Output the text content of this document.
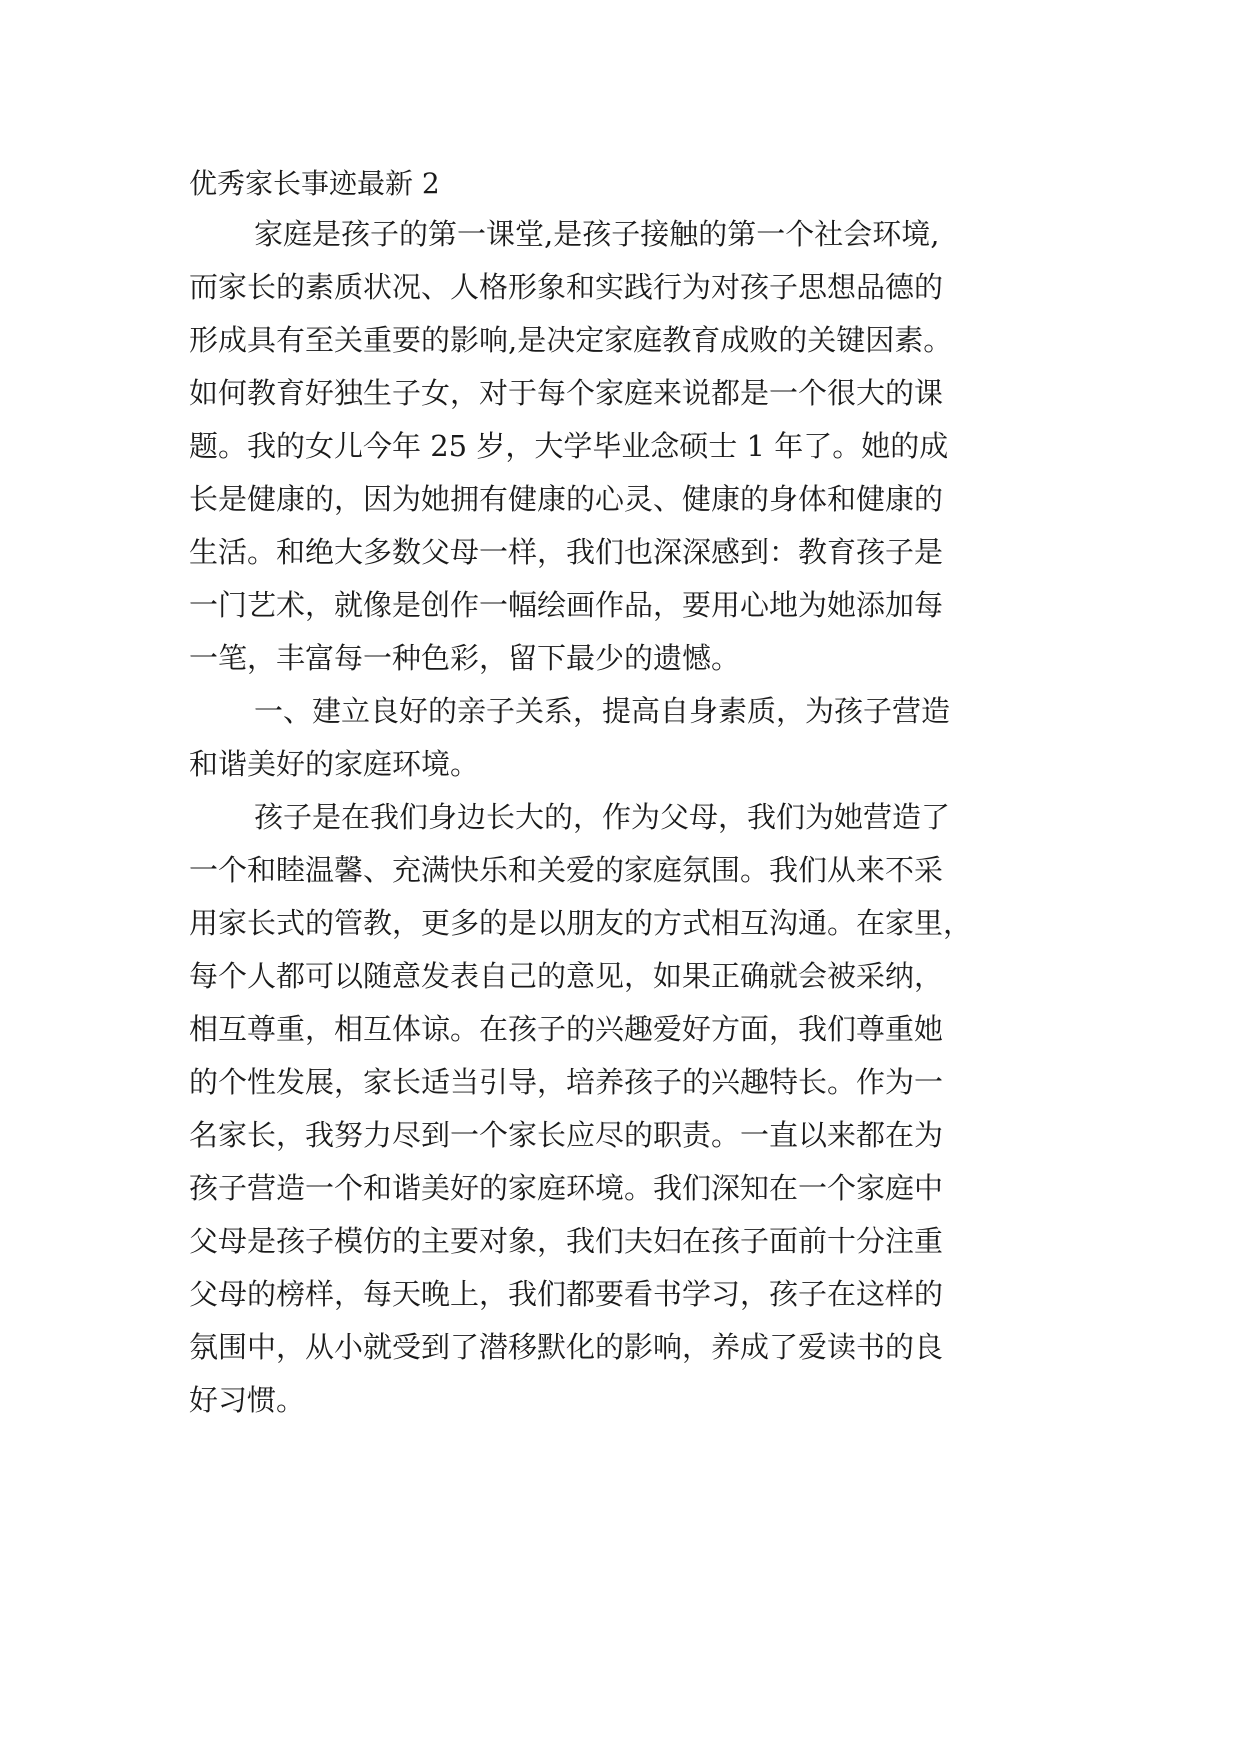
优秀家长事迹最新 2
家庭是孩子的第一课堂,是孩子接触的第一个社会环境,
而家长的素质状况、人格形象和实践行为对孩子思想品德的
形成具有至关重要的影响,是决定家庭教育成败的关键因素。
如何教育好独生子女，对于每个家庭来说都是一个很大的课
题。我的女儿今年 25 岁，大学毕业念硕士 1 年了。她的成
长是健康的，因为她拥有健康的心灵、健康的身体和健康的
生活。和绝大多数父母一样，我们也深深感到：教育孩子是
一门艺术，就像是创作一幅绘画作品，要用心地为她添加每
一笔，丰富每一种色彩，留下最少的遗憾。
一、建立良好的亲子关系，提高自身素质，为孩子营造
和谐美好的家庭环境。
孩子是在我们身边长大的，作为父母，我们为她营造了
一个和睦温馨、充满快乐和关爱的家庭氛围。我们从来不采
用家长式的管教，更多的是以朋友的方式相互沟通。在家里，
每个人都可以随意发表自己的意见，如果正确就会被采纳，
相互尊重，相互体谅。在孩子的兴趣爱好方面，我们尊重她
的个性发展，家长适当引导，培养孩子的兴趣特长。作为一
名家长，我努力尽到一个家长应尽的职责。一直以来都在为
孩子营造一个和谐美好的家庭环境。我们深知在一个家庭中
父母是孩子模仿的主要对象，我们夫妇在孩子面前十分注重
父母的榜样，每天晚上，我们都要看书学习，孩子在这样的
氛围中，从小就受到了潜移默化的影响，养成了爱读书的良
好习惯。
